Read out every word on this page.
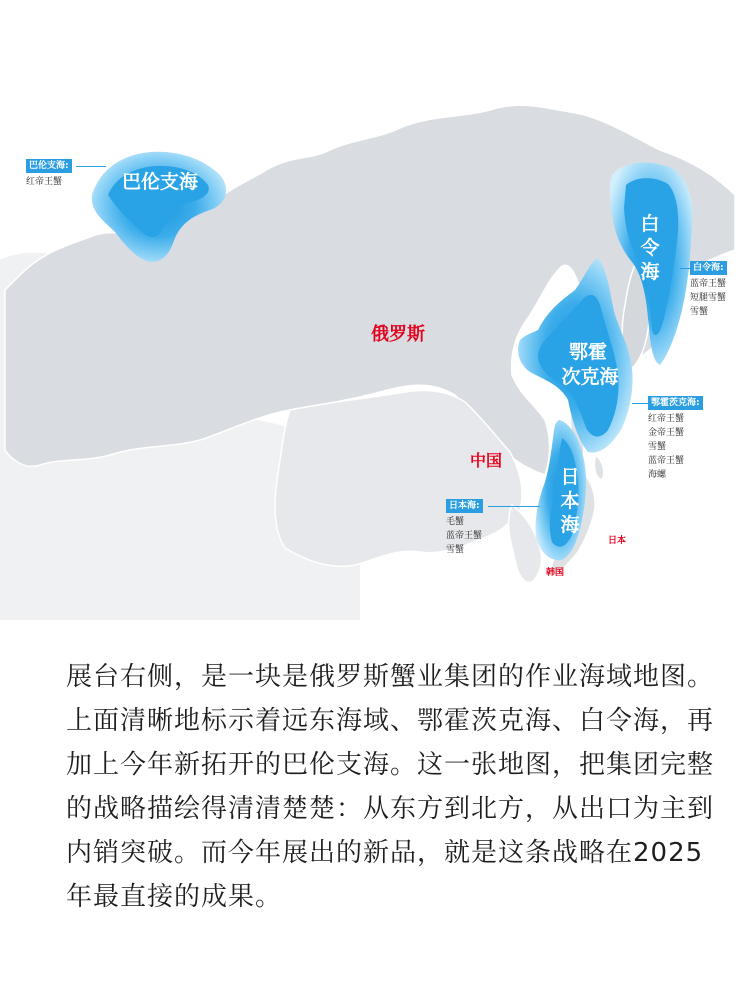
巴伦支海
白
令
海
鄂霍
次克海
日
本
海
俄罗斯
中国
日本
韩国
巴伦支海:
红帝王蟹
白令海:
蓝帝王蟹
短腿雪蟹
雪蟹
鄂霍茨克海:
红帝王蟹
金帝王蟹
雪蟹
蓝帝王蟹
海螺
日本海:
毛蟹
蓝帝王蟹
雪蟹

展台右侧，是一块是俄罗斯蟹业集团的作业海域地图。上面清晰地标示着远东海域、鄂霍茨克海、白令海，再加上今年新拓开的巴伦支海。这一张地图，把集团完整的战略描绘得清清楚楚：从东方到北方，从出口为主到内销突破。而今年展出的新品，就是这条战略在2025年最直接的成果。
